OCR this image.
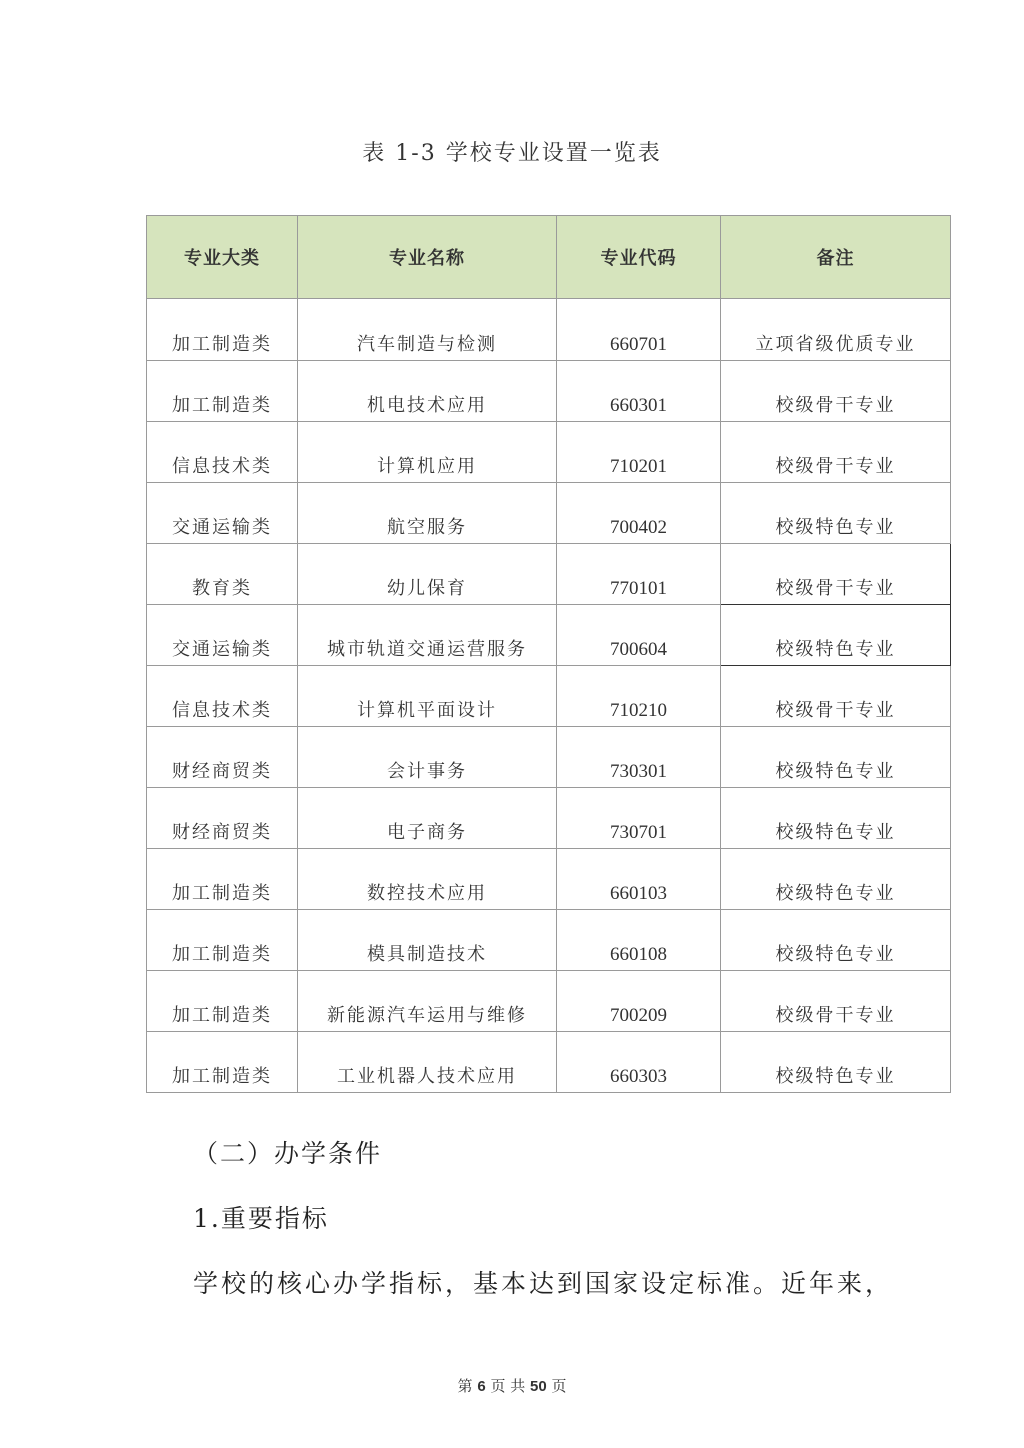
表 1-3 学校专业设置一览表
专业大类	专业名称	专业代码	备注
加工制造类	汽车制造与检测	660701	立项省级优质专业
加工制造类	机电技术应用	660301	校级骨干专业
信息技术类	计算机应用	710201	校级骨干专业
交通运输类	航空服务	700402	校级特色专业
教育类	幼儿保育	770101	校级骨干专业
交通运输类	城市轨道交通运营服务	700604	校级特色专业
信息技术类	计算机平面设计	710210	校级骨干专业
财经商贸类	会计事务	730301	校级特色专业
财经商贸类	电子商务	730701	校级特色专业
加工制造类	数控技术应用	660103	校级特色专业
加工制造类	模具制造技术	660108	校级特色专业
加工制造类	新能源汽车运用与维修	700209	校级骨干专业
加工制造类	工业机器人技术应用	660303	校级特色专业
（二）办学条件
1.重要指标
学校的核心办学指标，基本达到国家设定标准。近年来，
第 6 页 共 50 页
